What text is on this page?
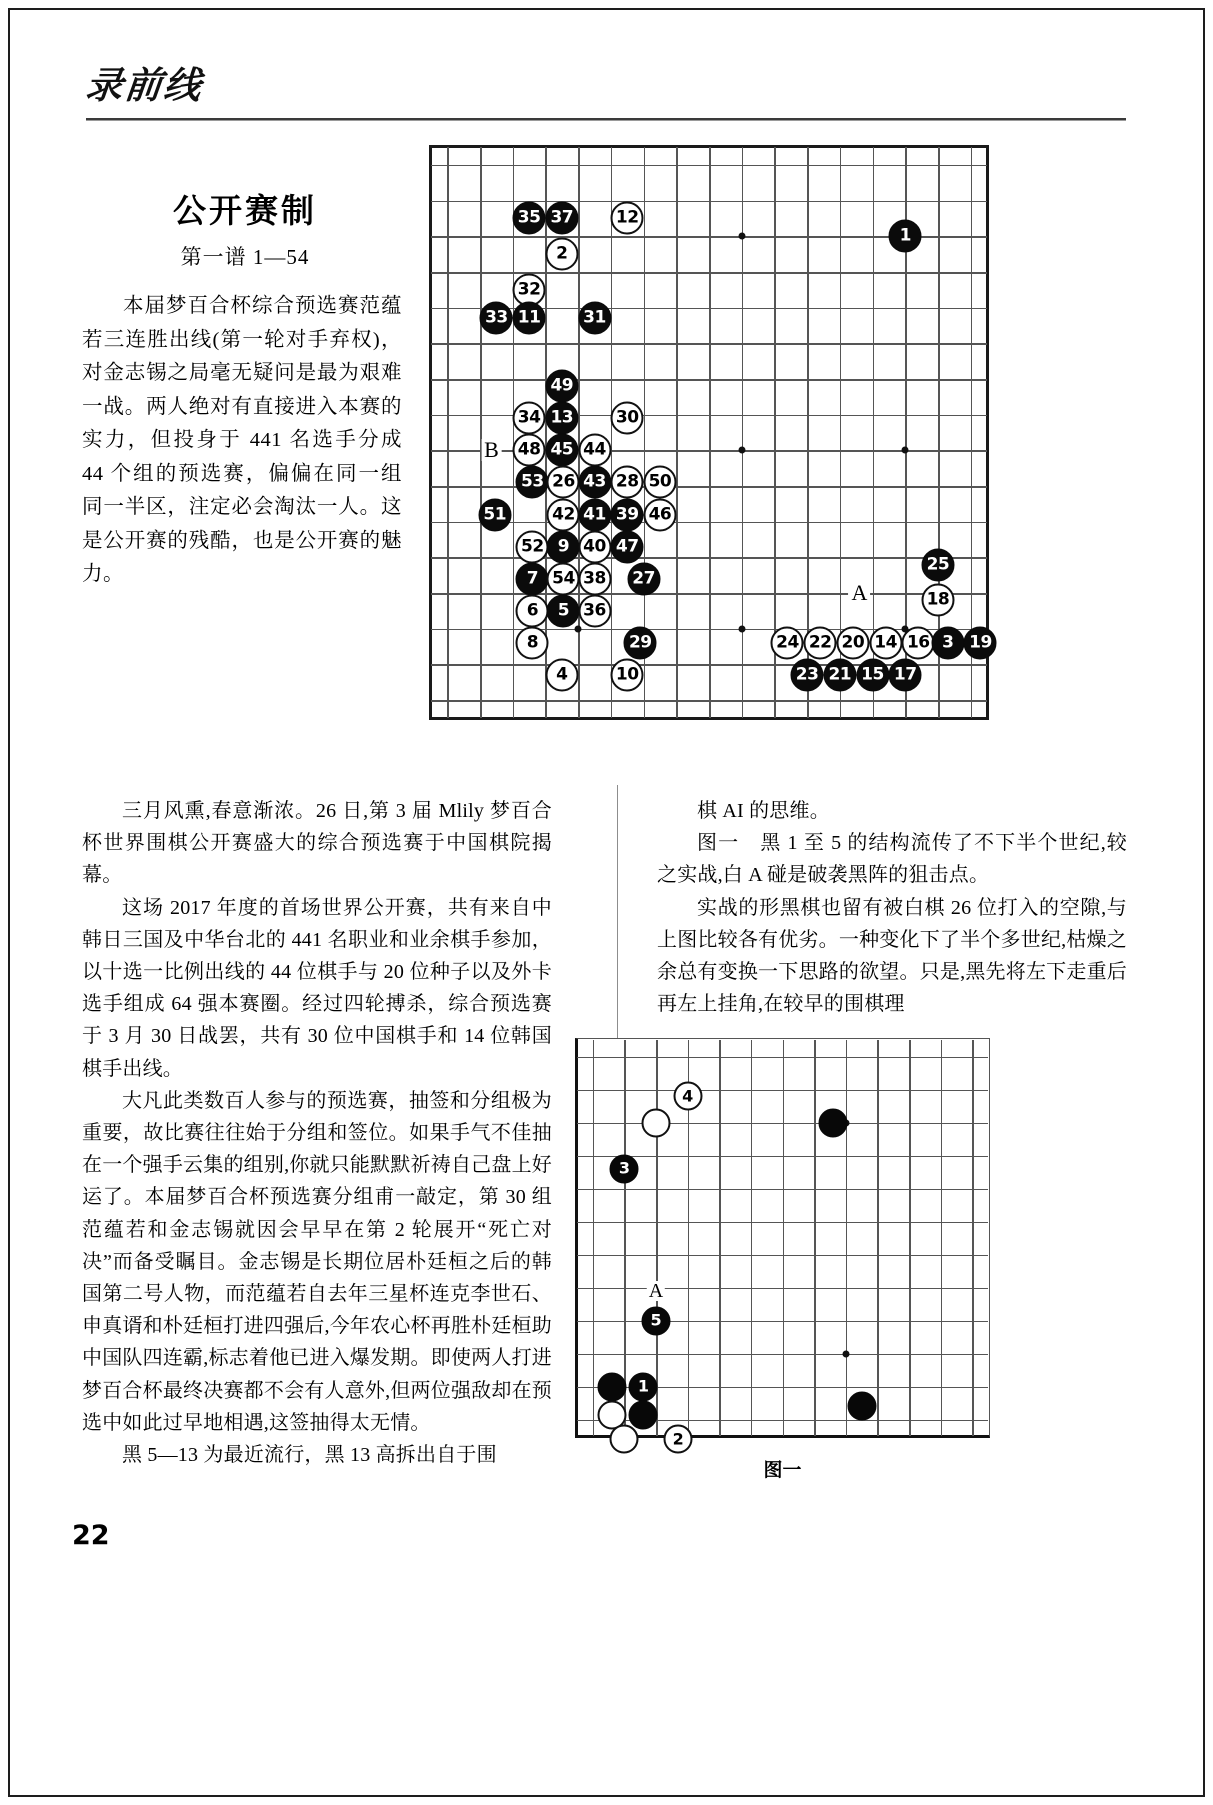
录前线
公开赛制
第一谱 1—54

本届梦百合杯综合预选赛范蕴若三连胜出线(第一轮对手弃权)，对金志锡之局毫无疑问是最为艰难一战。两人绝对有直接进入本赛的实力，但投身于 441 名选手分成 44 个组的预选赛，偏偏在同一组同一半区，注定必会淘汰一人。这是公开赛的残酷，也是公开赛的魅力。

B
A
35 37	12
1
2
32
33 11	31
49
34 13	30
48 45 44
53 26 43 28 50
51	42 41 39 46
52 9 40 47
7 54 38	27
25
6	5 36
18
8	29	24 22 20 14 16 3 19
4	10	23 21 15 17

三月风熏,春意渐浓。26 日,第 3 届 Mlily 梦百合杯世界围棋公开赛盛大的综合预选赛于中国棋院揭幕。

这场 2017 年度的首场世界公开赛，共有来自中韩日三国及中华台北的 441 名职业和业余棋手参加，以十选一比例出线的 44 位棋手与 20 位种子以及外卡选手组成 64 强本赛圈。经过四轮搏杀，综合预选赛于 3 月 30 日战罢，共有 30 位中国棋手和 14 位韩国棋手出线。

大凡此类数百人参与的预选赛，抽签和分组极为重要，故比赛往往始于分组和签位。如果手气不佳抽在一个强手云集的组别,你就只能默默祈祷自己盘上好运了。本届梦百合杯预选赛分组甫一敲定，第 30 组范蕴若和金志锡就因会早早在第 2 轮展开“死亡对决”而备受瞩目。金志锡是长期位居朴廷桓之后的韩国第二号人物，而范蕴若自去年三星杯连克李世石、申真谞和朴廷桓打进四强后,今年农心杯再胜朴廷桓助中国队四连霸,标志着他已进入爆发期。即使两人打进梦百合杯最终决赛都不会有人意外,但两位强敌却在预选中如此过早地相遇,这签抽得太无情。

黑 5—13 为最近流行，黑 13 高拆出自于围

棋 AI 的思维。

图一　黑 1 至 5 的结构流传了不下半个世纪,较之实战,白 A 碰是破袭黑阵的狙击点。

实战的形黑棋也留有被白棋 26 位打入的空隙,与上图比较各有优劣。一种变化下了半个多世纪,枯燥之余总有变换一下思路的欲望。只是,黑先将左下走重后再左上挂角,在较早的围棋理

A
4
3
5
1
2
图一
22
